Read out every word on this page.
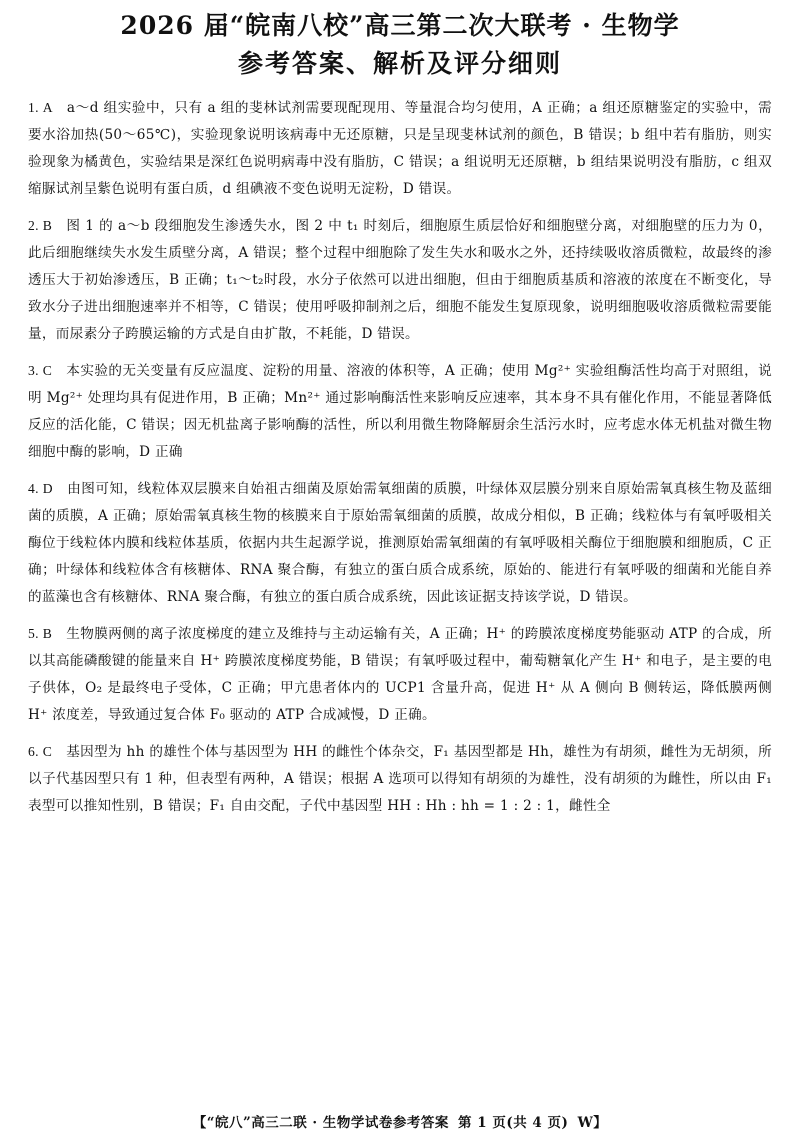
2026 届“皖南八校”高三第二次大联考 · 生物学
参考答案、解析及评分细则

1. A a～d 组实验中，只有 a 组的斐林试剂需要现配现用、等量混合均匀使用，A 正确；a 组还原糖鉴定的实验中，需要水浴加热(50～65℃)，实验现象说明该病毒中无还原糖，只是呈现斐林试剂的颜色，B 错误；b 组中若有脂肪，则实验现象为橘黄色，实验结果是深红色说明病毒中没有脂肪，C 错误；a 组说明无还原糖，b 组结果说明没有脂肪，c 组双缩脲试剂呈紫色说明有蛋白质，d 组碘液不变色说明无淀粉，D 错误。

2. B 图 1 的 a～b 段细胞发生渗透失水，图 2 中 t₁ 时刻后，细胞原生质层恰好和细胞壁分离，对细胞壁的压力为 0，此后细胞继续失水发生质壁分离，A 错误；整个过程中细胞除了发生失水和吸水之外，还持续吸收溶质微粒，故最终的渗透压大于初始渗透压，B 正确；t₁～t₂时段，水分子依然可以进出细胞，但由于细胞质基质和溶液的浓度在不断变化，导致水分子进出细胞速率并不相等，C 错误；使用呼吸抑制剂之后，细胞不能发生复原现象，说明细胞吸收溶质微粒需要能量，而尿素分子跨膜运输的方式是自由扩散，不耗能，D 错误。

3. C 本实验的无关变量有反应温度、淀粉的用量、溶液的体积等，A 正确；使用 Mg²⁺ 实验组酶活性均高于对照组，说明 Mg²⁺ 处理均具有促进作用，B 正确；Mn²⁺ 通过影响酶活性来影响反应速率，其本身不具有催化作用，不能显著降低反应的活化能，C 错误；因无机盐离子影响酶的活性，所以利用微生物降解厨余生活污水时，应考虑水体无机盐对微生物细胞中酶的影响，D 正确

4. D 由图可知，线粒体双层膜来自始祖古细菌及原始需氧细菌的质膜，叶绿体双层膜分别来自原始需氧真核生物及蓝细菌的质膜，A 正确；原始需氧真核生物的核膜来自于原始需氧细菌的质膜，故成分相似，B 正确；线粒体与有氧呼吸相关酶位于线粒体内膜和线粒体基质，依据内共生起源学说，推测原始需氧细菌的有氧呼吸相关酶位于细胞膜和细胞质，C 正确；叶绿体和线粒体含有核糖体、RNA 聚合酶，有独立的蛋白质合成系统，原始的、能进行有氧呼吸的细菌和光能自养的蓝藻也含有核糖体、RNA 聚合酶，有独立的蛋白质合成系统，因此该证据支持该学说，D 错误。

5. B 生物膜两侧的离子浓度梯度的建立及维持与主动运输有关，A 正确；H⁺ 的跨膜浓度梯度势能驱动 ATP 的合成，所以其高能磷酸键的能量来自 H⁺ 跨膜浓度梯度势能，B 错误；有氧呼吸过程中，葡萄糖氧化产生 H⁺ 和电子，是主要的电子供体，O₂ 是最终电子受体，C 正确；甲亢患者体内的 UCP1 含量升高，促进 H⁺ 从 A 侧向 B 侧转运，降低膜两侧 H⁺ 浓度差，导致通过复合体 F₀ 驱动的 ATP 合成减慢，D 正确。

6. C 基因型为 hh 的雄性个体与基因型为 HH 的雌性个体杂交，F₁ 基因型都是 Hh，雄性为有胡须，雌性为无胡须，所以子代基因型只有 1 种，但表型有两种，A 错误；根据 A 选项可以得知有胡须的为雄性，没有胡须的为雌性，所以由 F₁ 表型可以推知性别，B 错误；F₁ 自由交配，子代中基因型 HH : Hh : hh = 1 : 2 : 1，雌性全

【“皖八”高三二联 · 生物学试卷参考答案 第 1 页(共 4 页) W】
